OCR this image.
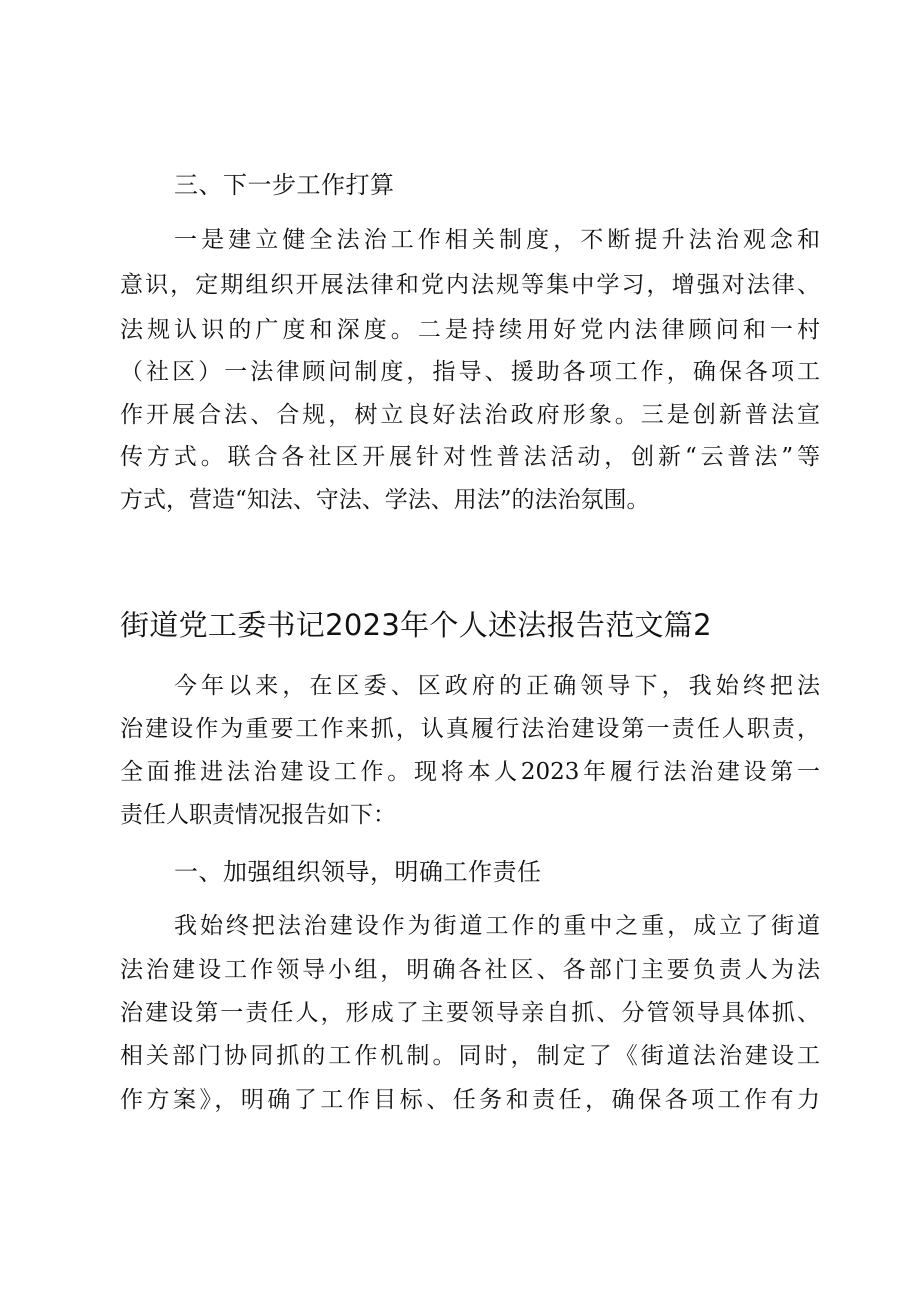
三、下一步工作打算
一是建立健全法治工作相关制度，不断提升法治观念和
意识，定期组织开展法律和党内法规等集中学习，增强对法律、
法规认识的广度和深度。二是持续用好党内法律顾问和一村
（社区）一法律顾问制度，指导、援助各项工作，确保各项工
作开展合法、合规，树立良好法治政府形象。三是创新普法宣
传方式。联合各社区开展针对性普法活动，创新“云普法”等
方式，营造“知法、守法、学法、用法”的法治氛围。
街道党工委书记2023年个人述法报告范文篇2
今年以来，在区委、区政府的正确领导下，我始终把法
治建设作为重要工作来抓，认真履行法治建设第一责任人职责，
全面推进法治建设工作。现将本人2023年履行法治建设第一
责任人职责情况报告如下：
一、加强组织领导，明确工作责任
我始终把法治建设作为街道工作的重中之重，成立了街道
法治建设工作领导小组，明确各社区、各部门主要负责人为法
治建设第一责任人，形成了主要领导亲自抓、分管领导具体抓、
相关部门协同抓的工作机制。同时，制定了《街道法治建设工
作方案》，明确了工作目标、任务和责任，确保各项工作有力
